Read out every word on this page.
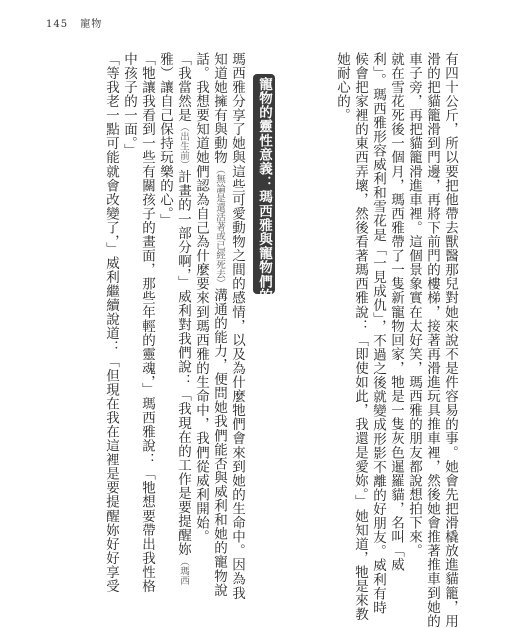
145 寵物
有四十公斤，所以要把他帶去獸醫那兒對她來說不是件容易的事。她會先把滑橇放進貓籠，用
滑的把貓籠滑到門邊，再將下前門的樓梯，接著再滑進玩具推車裡，然後她會推著推車到她的
車子旁，再把貓籠滑進車裡。這個景象實在太好笑，瑪西雅的朋友都說想拍下來。
就在雪花死後一個月，瑪西雅帶了一隻新寵物回家，牠是一隻灰色暹羅貓，名叫「威
利」。瑪西雅形容威利和雪花是「一見成仇」，不過之後就變成形影不離的好朋友。威利有時
候會把家裡的東西弄壞，然後看著瑪西雅說：「即使如此，我還是愛妳。」她知道，牠是來教
她耐心的。
寵物的靈性意義：瑪西雅與寵物們的對話
瑪西雅分享了她與這些可愛動物之間的感情，以及為什麼牠們會來到她的生命中。因為我
知道她擁有與動物（無論是還活著或已經死去）溝通的能力，便問她我們能否與威利和她的寵物說
話。我想要知道她們認為自己為什麼要來到瑪西雅的生命中，我們從威利開始。
「我當然是（出生前）計畫的一部分啊，」威利對我們說：「我現在的工作是要提醒妳（瑪西
雅）讓自己保持玩樂的心。」
「牠讓我看到一些有關孩子的畫面，那些年輕的靈魂，」瑪西雅說：「牠想要帶出我性格
中孩子的一面。」
「等我老一點可能就會改變了，」威利繼續說道：「但現在我在這裡是要提醒妳好好享受
